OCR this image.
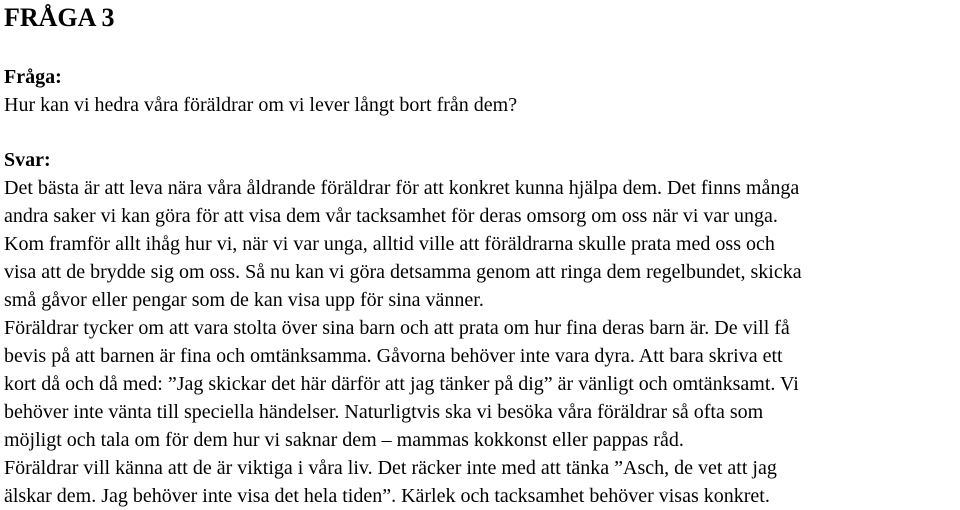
FRÅGA 3
Fråga:
Hur kan vi hedra våra föräldrar om vi lever långt bort från dem?
Svar:
Det bästa är att leva nära våra åldrande föräldrar för att konkret kunna hjälpa dem. Det finns många
andra saker vi kan göra för att visa dem vår tacksamhet för deras omsorg om oss när vi var unga.
Kom framför allt ihåg hur vi, när vi var unga, alltid ville att föräldrarna skulle prata med oss och
visa att de brydde sig om oss. Så nu kan vi göra detsamma genom att ringa dem regelbundet, skicka
små gåvor eller pengar som de kan visa upp för sina vänner.
Föräldrar tycker om att vara stolta över sina barn och att prata om hur fina deras barn är. De vill få
bevis på att barnen är fina och omtänksamma. Gåvorna behöver inte vara dyra. Att bara skriva ett
kort då och då med: ”Jag skickar det här därför att jag tänker på dig” är vänligt och omtänksamt. Vi
behöver inte vänta till speciella händelser. Naturligtvis ska vi besöka våra föräldrar så ofta som
möjligt och tala om för dem hur vi saknar dem – mammas kokkonst eller pappas råd.
Föräldrar vill känna att de är viktiga i våra liv. Det räcker inte med att tänka ”Asch, de vet att jag
älskar dem. Jag behöver inte visa det hela tiden”. Kärlek och tacksamhet behöver visas konkret.
